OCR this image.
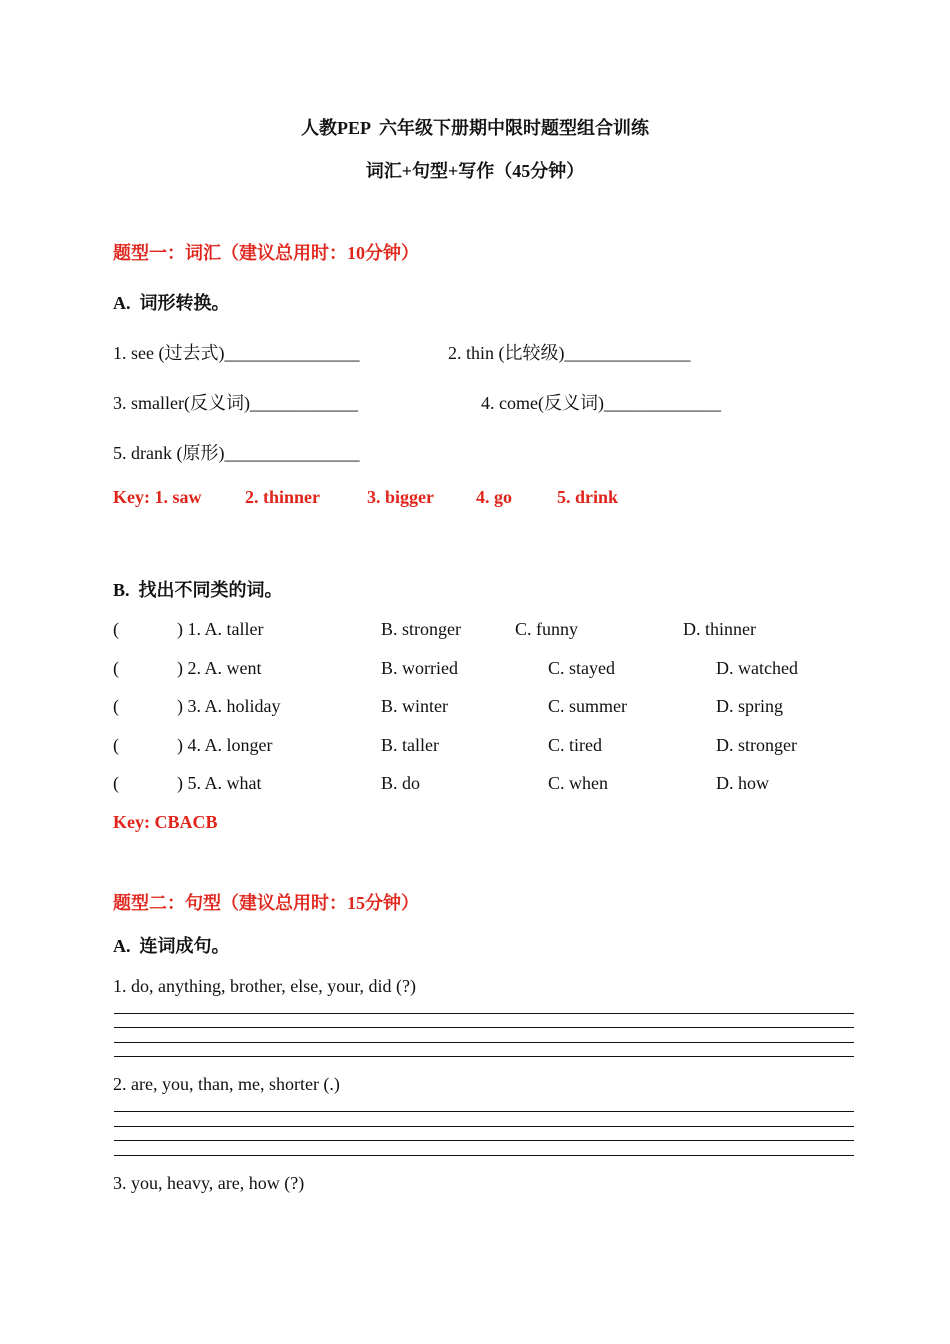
人教PEP  六年级下册期中限时题型组合训练
词汇+句型+写作（45分钟）
题型一：词汇（建议总用时：10分钟）
A.  词形转换。
1. see (过去式)_______________	2. thin (比较级)______________
3. smaller(反义词)____________	4. come(反义词)_____________
5. drank (原形)_______________
Key: 1. saw 2. thinner	3. bigger 4. go	5. drink
B.  找出不同类的词。
(	) 1. A. taller	B. stronger	C. funny	D. thinner
(	) 2. A. went	B. worried	C. stayed	D. watched
(	) 3. A. holiday	B. winter	C. summer	D. spring
(	) 4. A. longer	B. taller	C. tired	D. stronger
(	) 5. A. what	B. do	C. when	D. how
Key: CBACB
题型二：句型（建议总用时：15分钟）
A.  连词成句。
1. do, anything, brother, else, your, did (?)
2. are, you, than, me, shorter (.)
3. you, heavy, are, how (?)
